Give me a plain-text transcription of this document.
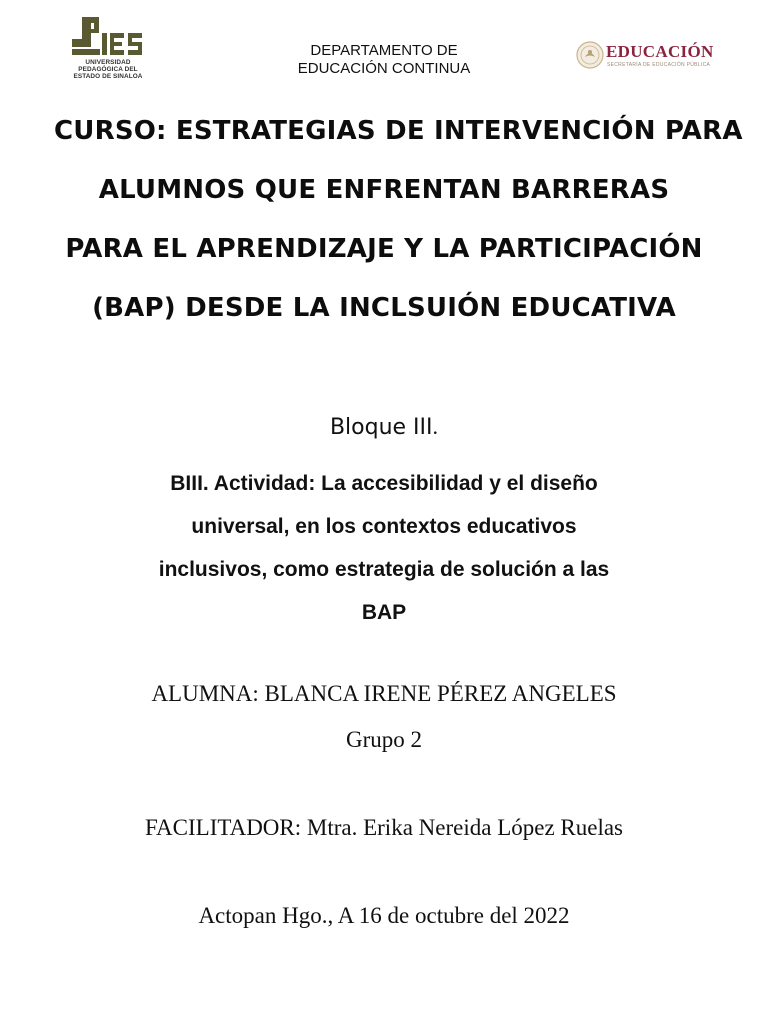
UNIVERSIDAD
PEDAGÓGICA DEL
ESTADO DE SINALOA
DEPARTAMENTO DE
EDUCACIÓN CONTINUA
EDUCACIÓN
SECRETARÍA DE EDUCACIÓN PÚBLICA
CURSO: ESTRATEGIAS DE INTERVENCIÓN PARA
ALUMNOS QUE ENFRENTAN BARRERAS
PARA EL APRENDIZAJE Y LA PARTICIPACIÓN
(BAP) DESDE LA INCLSUIÓN EDUCATIVA
Bloque III.
BIII. Actividad: La accesibilidad y el diseño
universal, en los contextos educativos
inclusivos, como estrategia de solución a las
BAP
ALUMNA: BLANCA IRENE PÉREZ ANGELES
Grupo 2
FACILITADOR: Mtra. Erika Nereida López Ruelas
Actopan Hgo., A 16 de octubre del 2022
